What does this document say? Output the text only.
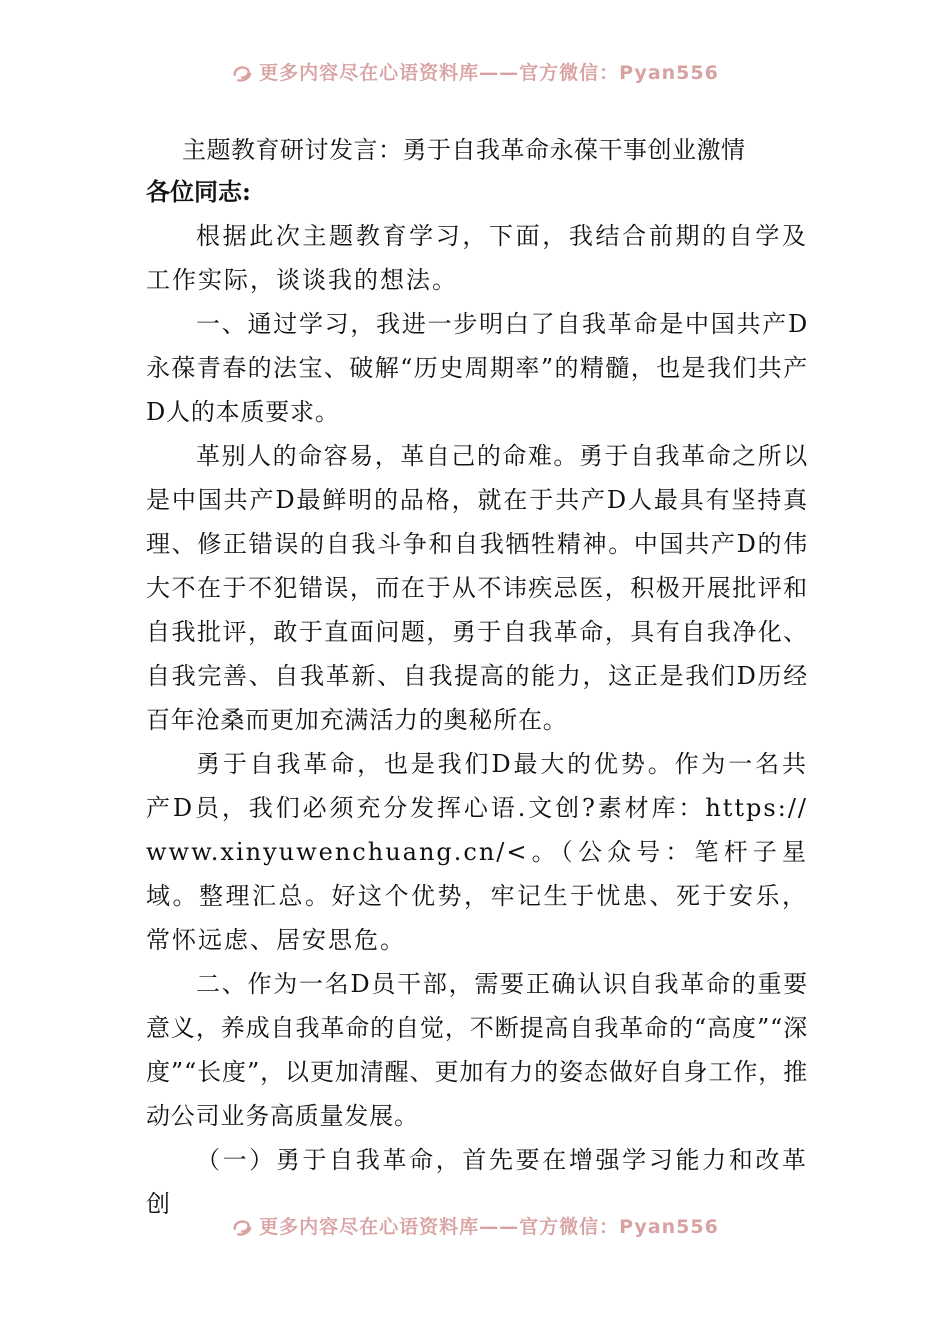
更多内容尽在心语资料库——官方微信：Pyan556

主题教育研讨发言：勇于自我革命永葆干事创业激情

各位同志:

根据此次主题教育学习，下面，我结合前期的自学及工作实际，谈谈我的想法。

一、通过学习，我进一步明白了自我革命是中国共产D永葆青春的法宝、破解“历史周期率”的精髓，也是我们共产D人的本质要求。

革别人的命容易，革自己的命难。勇于自我革命之所以是中国共产D最鲜明的品格，就在于共产D人最具有坚持真理、修正错误的自我斗争和自我牺牲精神。中国共产D的伟大不在于不犯错误，而在于从不讳疾忌医，积极开展批评和自我批评，敢于直面问题，勇于自我革命，具有自我净化、自我完善、自我革新、自我提高的能力，这正是我们D历经百年沧桑而更加充满活力的奥秘所在。

勇于自我革命，也是我们D最大的优势。作为一名共产D员，我们必须充分发挥心语.文创?素材库：https://www.xinyuwenchuang.cn/<。（公众号：笔杆子星域。整理汇总。好这个优势，牢记生于忧患、死于安乐，常怀远虑、居安思危。

二、作为一名D员干部，需要正确认识自我革命的重要意义，养成自我革命的自觉，不断提高自我革命的“高度”“深度”“长度”，以更加清醒、更加有力的姿态做好自身工作，推动公司业务高质量发展。

（一）勇于自我革命，首先要在增强学习能力和改革创

更多内容尽在心语资料库——官方微信：Pyan556
